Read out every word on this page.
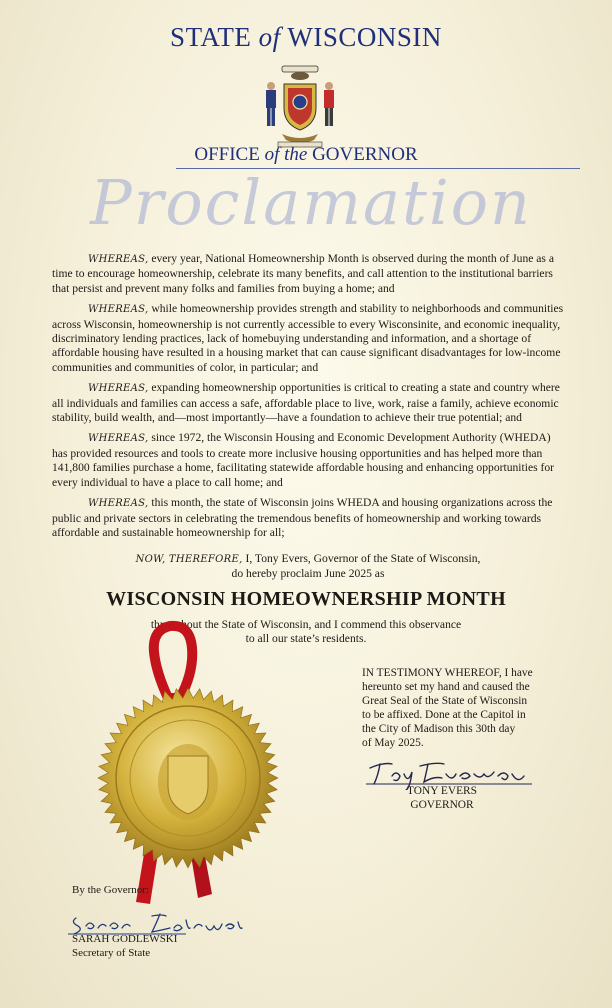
STATE of WISCONSIN
OFFICE of the GOVERNOR
Proclamation

WHEREAS, every year, National Homeownership Month is observed during the month of June as a time to encourage homeownership, celebrate its many benefits, and call attention to the institutional barriers that persist and prevent many folks and families from buying a home; and

WHEREAS, while homeownership provides strength and stability to neighborhoods and communities across Wisconsin, homeownership is not currently accessible to every Wisconsinite, and economic inequality, discriminatory lending practices, lack of homebuying understanding and information, and a shortage of affordable housing have resulted in a housing market that can cause significant disadvantages for low-income communities and communities of color, in particular; and

WHEREAS, expanding homeownership opportunities is critical to creating a state and country where all individuals and families can access a safe, affordable place to live, work, raise a family, achieve economic stability, build wealth, and—most importantly—have a foundation to achieve their true potential; and

WHEREAS, since 1972, the Wisconsin Housing and Economic Development Authority (WHEDA) has provided resources and tools to create more inclusive housing opportunities and has helped more than 141,800 families purchase a home, facilitating statewide affordable housing and enhancing opportunities for every individual to have a place to call home; and

WHEREAS, this month, the state of Wisconsin joins WHEDA and housing organizations across the public and private sectors in celebrating the tremendous benefits of homeownership and working towards affordable and sustainable homeownership for all;

NOW, THEREFORE, I, Tony Evers, Governor of the State of Wisconsin,
do hereby proclaim June 2025 as
WISCONSIN HOMEOWNERSHIP MONTH
throughout the State of Wisconsin, and I commend this observance
to all our state’s residents.
IN TESTIMONY WHEREOF, I have
hereunto set my hand and caused the
Great Seal of the State of Wisconsin
to be affixed. Done at the Capitol in
the City of Madison this 30th day
of May 2025.
TONY EVERS
GOVERNOR
By the Governor:
SARAH GODLEWSKI
Secretary of State
